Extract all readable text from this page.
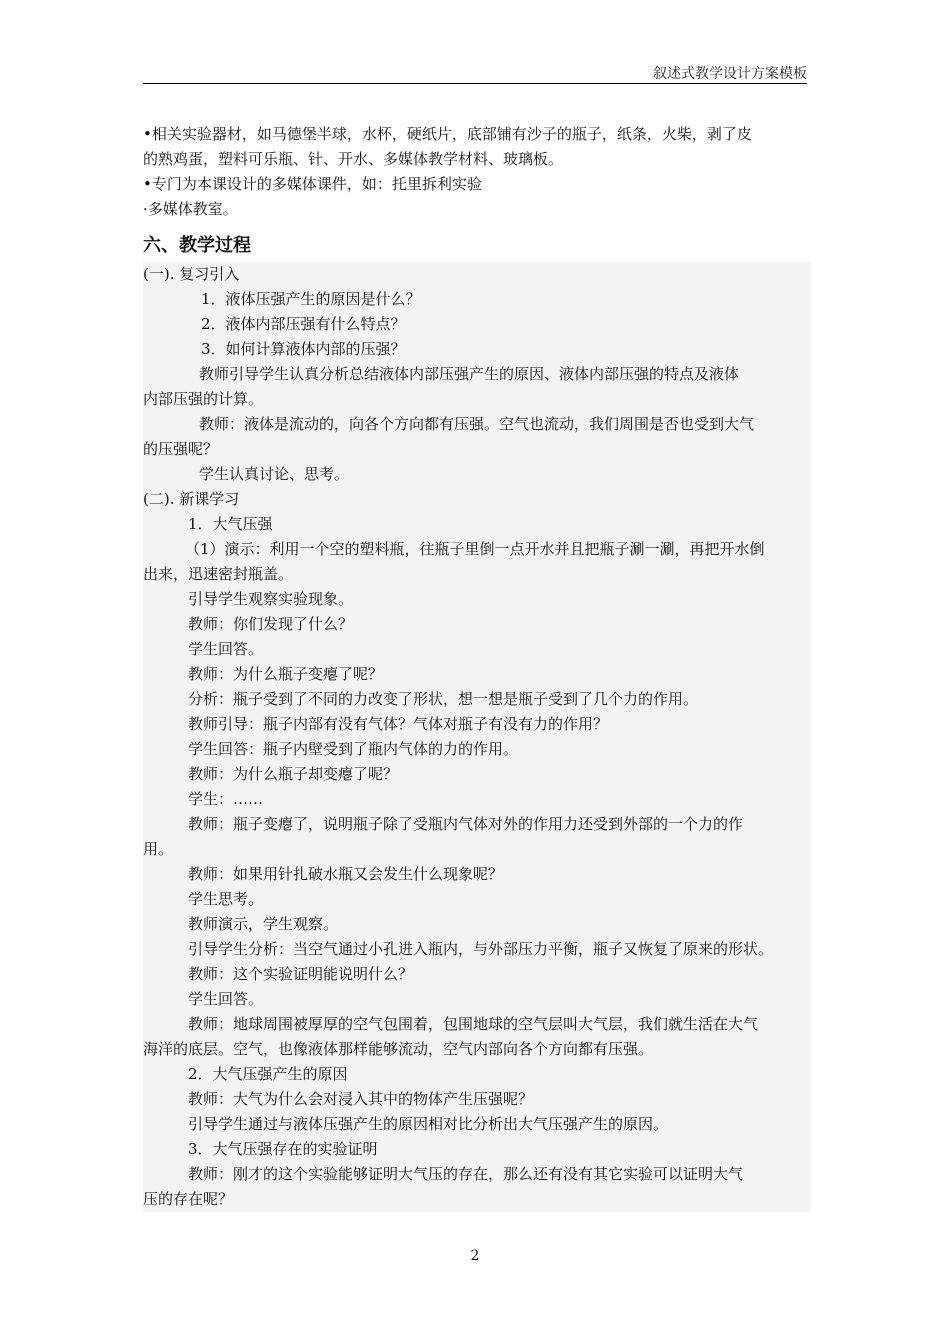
叙述式教学设计方案模板
•相关实验器材，如马德堡半球，水杯，硬纸片，底部铺有沙子的瓶子，纸条，火柴，剥了皮
的熟鸡蛋，塑料可乐瓶、针、开水、多媒体教学材料、玻璃板。
•专门为本课设计的多媒体课件，如：托里拆利实验
·多媒体教室。
六、教学过程
(一). 复习引入
1．液体压强产生的原因是什么？
2．液体内部压强有什么特点？
3．如何计算液体内部的压强？
教师引导学生认真分析总结液体内部压强产生的原因、液体内部压强的特点及液体
内部压强的计算。
教师：液体是流动的，向各个方向都有压强。空气也流动，我们周围是否也受到大气
的压强呢？
学生认真讨论、思考。
(二). 新课学习
1．大气压强
（1）演示：利用一个空的塑料瓶，往瓶子里倒一点开水并且把瓶子涮一涮，再把开水倒
出来，迅速密封瓶盖。
引导学生观察实验现象。
教师：你们发现了什么？
学生回答。
教师：为什么瓶子变瘪了呢？
分析：瓶子受到了不同的力改变了形状，想一想是瓶子受到了几个力的作用。
教师引导：瓶子内部有没有气体？气体对瓶子有没有力的作用？
学生回答：瓶子内壁受到了瓶内气体的力的作用。
教师：为什么瓶子却变瘪了呢？
学生：……
教师：瓶子变瘪了，说明瓶子除了受瓶内气体对外的作用力还受到外部的一个力的作
用。
教师：如果用针扎破水瓶又会发生什么现象呢？
学生思考。
教师演示，学生观察。
引导学生分析：当空气通过小孔进入瓶内，与外部压力平衡，瓶子又恢复了原来的形状。
教师：这个实验证明能说明什么？
学生回答。
教师：地球周围被厚厚的空气包围着，包围地球的空气层叫大气层，我们就生活在大气
海洋的底层。空气，也像液体那样能够流动，空气内部向各个方向都有压强。
2．大气压强产生的原因
教师：大气为什么会对浸入其中的物体产生压强呢？
引导学生通过与液体压强产生的原因相对比分析出大气压强产生的原因。
3．大气压强存在的实验证明
教师：刚才的这个实验能够证明大气压的存在，那么还有没有其它实验可以证明大气
压的存在呢？
2
